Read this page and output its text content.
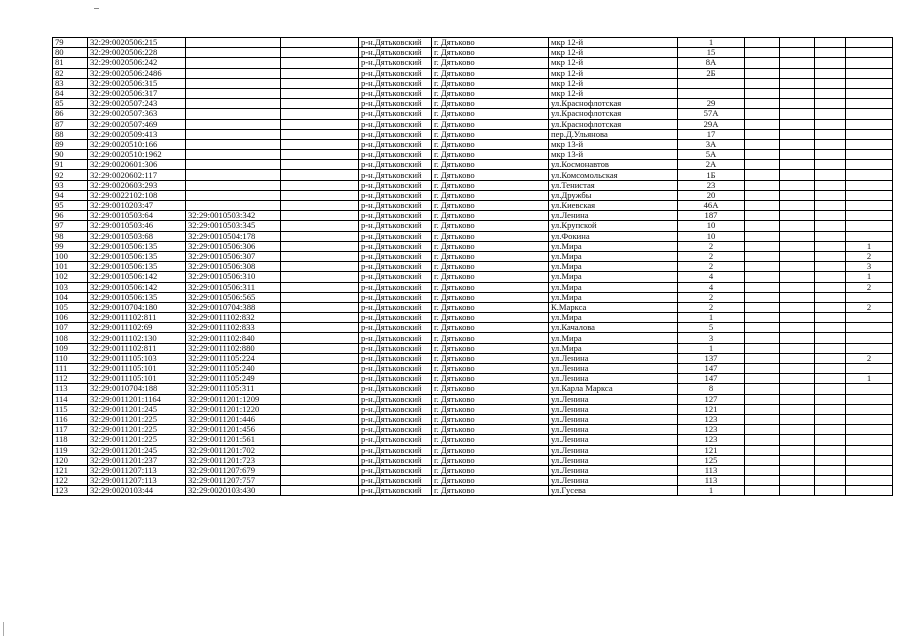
79	32:29:0020506:215			р-н.Дятьковский	г. Дятьково	мкр 12-й	1				
80	32:29:0020506:228			р-н.Дятьковский	г. Дятьково	мкр 12-й	15				
81	32:29:0020506:242			р-н.Дятьковский	г. Дятьково	мкр 12-й	8А				
82	32:29:0020506:2486			р-н.Дятьковский	г. Дятьково	мкр 12-й	2Б				
83	32:29:0020506:315			р-н.Дятьковский	г. Дятьково	мкр 12-й					
84	32:29:0020506:317			р-н.Дятьковский	г. Дятьково	мкр 12-й					
85	32:29:0020507:243			р-н.Дятьковский	г. Дятьково	ул.Краснофлотская	29				
86	32:29:0020507:363			р-н.Дятьковский	г. Дятьково	ул.Краснофлотская	57А				
87	32:29:0020507:469			р-н.Дятьковский	г. Дятьково	ул.Краснофлотская	29А				
88	32:29:0020509:413			р-н.Дятьковский	г. Дятьково	пер.Д.Ульянова	17				
89	32:29:0020510:166			р-н.Дятьковский	г. Дятьково	мкр 13-й	3А				
90	32:29:0020510:1962			р-н.Дятьковский	г. Дятьково	мкр 13-й	5А				
91	32:29:0020601:306			р-н.Дятьковский	г. Дятьково	ул.Космонавтов	2А				
92	32:29:0020602:117			р-н.Дятьковский	г. Дятьково	ул.Комсомольская	1Б				
93	32:29:0020603:293			р-н.Дятьковский	г. Дятьково	ул.Тенистая	23				
94	32:29:0022102:108			р-н.Дятьковский	г. Дятьково	ул.Дружбы	20				
95	32:29:0010203:47			р-н.Дятьковский	г. Дятьково	ул.Киевская	46А				
96	32:29:0010503:64	32:29:0010503:342		р-н.Дятьковский	г. Дятьково	ул.Ленина	187				
97	32:29:0010503:46	32:29:0010503:345		р-н.Дятьковский	г. Дятьково	ул.Крупской	10				
98	32:29:0010503:68	32:29:0010504:178		р-н.Дятьковский	г. Дятьково	ул.Фокина	10				
99	32:29:0010506:135	32:29:0010506:306		р-н.Дятьковский	г. Дятьково	ул.Мира	2				1
100	32:29:0010506:135	32:29:0010506:307		р-н.Дятьковский	г. Дятьково	ул.Мира	2				2
101	32:29:0010506:135	32:29:0010506:308		р-н.Дятьковский	г. Дятьково	ул.Мира	2				3
102	32:29:0010506:142	32:29:0010506:310		р-н.Дятьковский	г. Дятьково	ул.Мира	4				1
103	32:29:0010506:142	32:29:0010506:311		р-н.Дятьковский	г. Дятьково	ул.Мира	4				2
104	32:29:0010506:135	32:29:0010506:565		р-н.Дятьковский	г. Дятьково	ул.Мира	2				
105	32:29:0010704:180	32:29:0010704:388		р-н.Дятьковский	г. Дятьково	К.Маркса	2				2
106	32:29:0011102:811	32:29:0011102:832		р-н.Дятьковский	г. Дятьково	ул.Мира	1				
107	32:29:0011102:69	32:29:0011102:833		р-н.Дятьковский	г. Дятьково	ул.Качалова	5				
108	32:29:0011102:130	32:29:0011102:840		р-н.Дятьковский	г. Дятьково	ул.Мира	3				
109	32:29:0011102:811	32:29:0011102:880		р-н.Дятьковский	г. Дятьково	ул.Мира	1				
110	32:29:0011105:103	32:29:0011105:224		р-н.Дятьковский	г. Дятьково	ул.Ленина	137				2
111	32:29:0011105:101	32:29:0011105:240		р-н.Дятьковский	г. Дятьково	ул.Ленина	147				
112	32:29:0011105:101	32:29:0011105:249		р-н.Дятьковский	г. Дятьково	ул.Ленина	147				1
113	32:29:0010704:188	32:29:0011105:311		р-н.Дятьковский	г. Дятьково	ул.Карла Маркса	8				
114	32:29:0011201:1164	32:29:0011201:1209		р-н.Дятьковский	г. Дятьково	ул.Ленина	127				
115	32:29:0011201:245	32:29:0011201:1220		р-н.Дятьковский	г. Дятьково	ул.Ленина	121				
116	32:29:0011201:225	32:29:0011201:446		р-н.Дятьковский	г. Дятьково	ул.Ленина	123				
117	32:29:0011201:225	32:29:0011201:456		р-н.Дятьковский	г. Дятьково	ул.Ленина	123				
118	32:29:0011201:225	32:29:0011201:561		р-н.Дятьковский	г. Дятьково	ул.Ленина	123				
119	32:29:0011201:245	32:29:0011201:702		р-н.Дятьковский	г. Дятьково	ул.Ленина	121				
120	32:29:0011201:237	32:29:0011201:723		р-н.Дятьковский	г. Дятьково	ул.Ленина	125				
121	32:29:0011207:113	32:29:0011207:679		р-н.Дятьковский	г. Дятьково	ул.Ленина	113				
122	32:29:0011207:113	32:29:0011207:757		р-н.Дятьковский	г. Дятьково	ул.Ленина	113				
123	32:29:0020103:44	32:29:0020103:430		р-н.Дятьковский	г. Дятьково	ул.Гусева	1				
